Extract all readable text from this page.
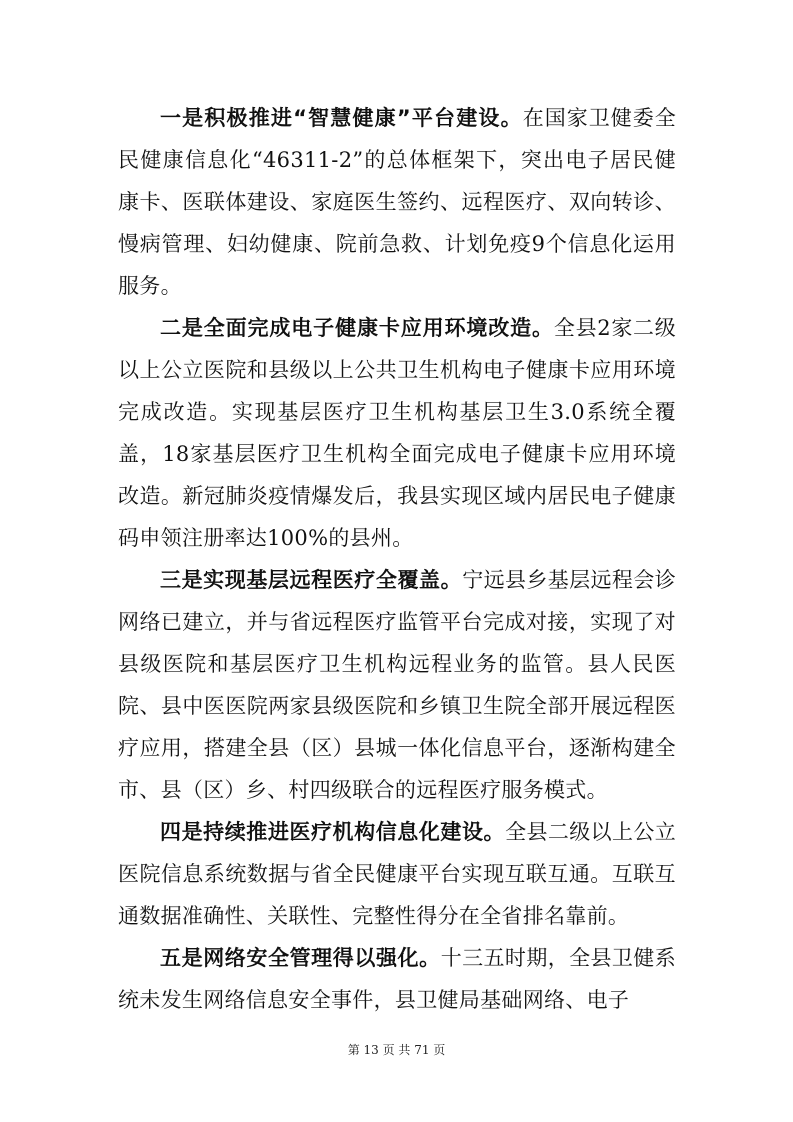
一是积极推进“智慧健康”平台建设。在国家卫健委全民健康信息化“46311-2”的总体框架下，突出电子居民健康卡、医联体建设、家庭医生签约、远程医疗、双向转诊、慢病管理、妇幼健康、院前急救、计划免疫9个信息化运用服务。

二是全面完成电子健康卡应用环境改造。全县2家二级以上公立医院和县级以上公共卫生机构电子健康卡应用环境完成改造。实现基层医疗卫生机构基层卫生3.0系统全覆盖，18家基层医疗卫生机构全面完成电子健康卡应用环境改造。新冠肺炎疫情爆发后，我县实现区域内居民电子健康码申领注册率达100%的县州。

三是实现基层远程医疗全覆盖。宁远县乡基层远程会诊网络已建立，并与省远程医疗监管平台完成对接，实现了对县级医院和基层医疗卫生机构远程业务的监管。县人民医院、县中医医院两家县级医院和乡镇卫生院全部开展远程医疗应用，搭建全县（区）县城一体化信息平台，逐渐构建全市、县（区）乡、村四级联合的远程医疗服务模式。

四是持续推进医疗机构信息化建设。全县二级以上公立医院信息系统数据与省全民健康平台实现互联互通。互联互通数据准确性、关联性、完整性得分在全省排名靠前。

五是网络安全管理得以强化。十三五时期，全县卫健系统未发生网络信息安全事件，县卫健局基础网络、电子

第 13 页 共 71 页
